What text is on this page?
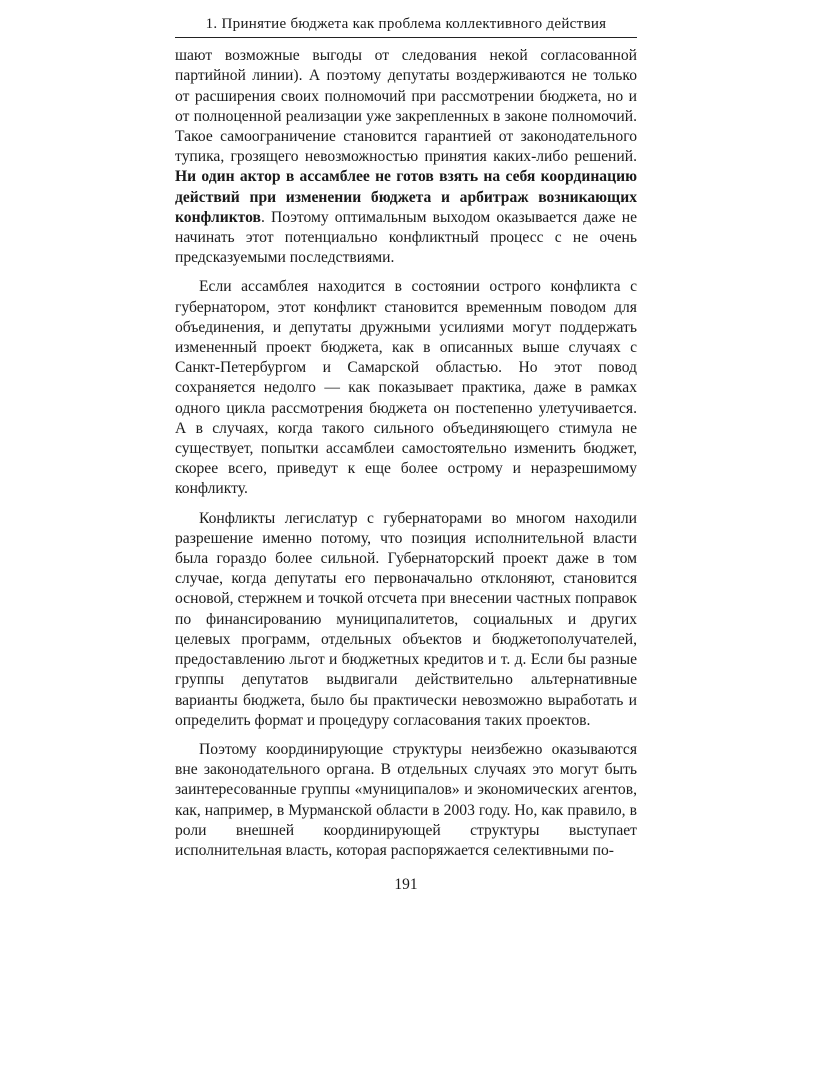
1. Принятие бюджета как проблема коллективного действия

шают возможные выгоды от следования некой согласованной партийной линии). А поэтому депутаты воздерживаются не только от расширения своих полномочий при рассмотрении бюджета, но и от полноценной реализации уже закрепленных в законе полномочий. Такое самоограничение становится гарантией от законодательного тупика, грозящего невозможностью принятия каких-либо решений. Ни один актор в ассамблее не готов взять на себя координацию действий при изменении бюджета и арбитраж возникающих конфликтов. Поэтому оптимальным выходом оказывается даже не начинать этот потенциально конфликтный процесс с не очень предсказуемыми последствиями.

Если ассамблея находится в состоянии острого конфликта с губернатором, этот конфликт становится временным поводом для объединения, и депутаты дружными усилиями могут поддержать измененный проект бюджета, как в описанных выше случаях с Санкт-Петербургом и Самарской областью. Но этот повод сохраняется недолго — как показывает практика, даже в рамках одного цикла рассмотрения бюджета он постепенно улетучивается. А в случаях, когда такого сильного объединяющего стимула не существует, попытки ассамблеи самостоятельно изменить бюджет, скорее всего, приведут к еще более острому и неразрешимому конфликту.

Конфликты легислатур с губернаторами во многом находили разрешение именно потому, что позиция исполнительной власти была гораздо более сильной. Губернаторский проект даже в том случае, когда депутаты его первоначально отклоняют, становится основой, стержнем и точкой отсчета при внесении частных поправок по финансированию муниципалитетов, социальных и других целевых программ, отдельных объектов и бюджетополучателей, предоставлению льгот и бюджетных кредитов и т. д. Если бы разные группы депутатов выдвигали действительно альтернативные варианты бюджета, было бы практически невозможно выработать и определить формат и процедуру согласования таких проектов.

Поэтому координирующие структуры неизбежно оказываются вне законодательного органа. В отдельных случаях это могут быть заинтересованные группы «муниципалов» и экономических агентов, как, например, в Мурманской области в 2003 году. Но, как правило, в роли внешней координирующей структуры выступает исполнительная власть, которая распоряжается селективными по-

191
